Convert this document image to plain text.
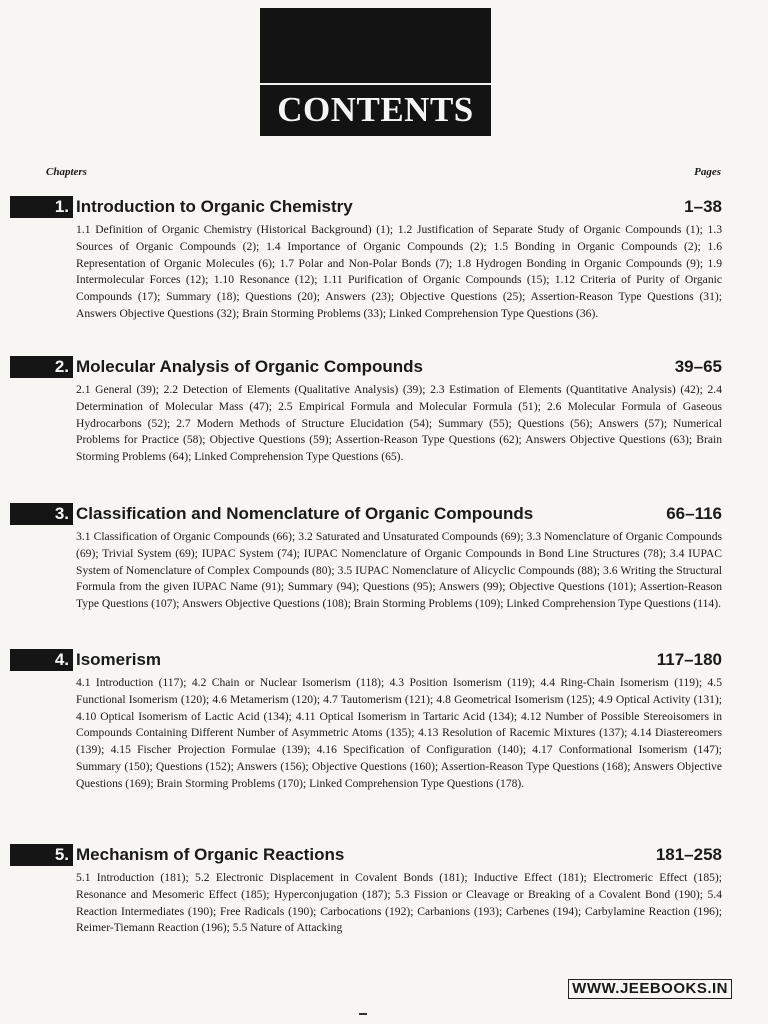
CONTENTS
Chapters	Pages
1. Introduction to Organic Chemistry	1–38
1.1 Definition of Organic Chemistry (Historical Background) (1); 1.2 Justification of Separate Study of Organic Compounds (1); 1.3 Sources of Organic Compounds (2); 1.4 Importance of Organic Compounds (2); 1.5 Bonding in Organic Compounds (2); 1.6 Representation of Organic Molecules (6); 1.7 Polar and Non-Polar Bonds (7); 1.8 Hydrogen Bonding in Organic Compounds (9); 1.9 Intermolecular Forces (12); 1.10 Resonance (12); 1.11 Purification of Organic Compounds (15); 1.12 Criteria of Purity of Organic Compounds (17); Summary (18); Questions (20); Answers (23); Objective Questions (25); Assertion-Reason Type Questions (31); Answers Objective Questions (32); Brain Storming Problems (33); Linked Comprehension Type Questions (36).
2. Molecular Analysis of Organic Compounds	39–65
2.1 General (39); 2.2 Detection of Elements (Qualitative Analysis) (39); 2.3 Estimation of Elements (Quantitative Analysis) (42); 2.4 Determination of Molecular Mass (47); 2.5 Empirical Formula and Molecular Formula (51); 2.6 Molecular Formula of Gaseous Hydrocarbons (52); 2.7 Modern Methods of Structure Elucidation (54); Summary (55); Questions (56); Answers (57); Numerical Problems for Practice (58); Objective Questions (59); Assertion-Reason Type Questions (62); Answers Objective Questions (63); Brain Storming Problems (64); Linked Comprehension Type Questions (65).
3. Classification and Nomenclature of Organic Compounds	66–116
3.1 Classification of Organic Compounds (66); 3.2 Saturated and Unsaturated Compounds (69); 3.3 Nomenclature of Organic Compounds (69); Trivial System (69); IUPAC System (74); IUPAC Nomenclature of Organic Compounds in Bond Line Structures (78); 3.4 IUPAC System of Nomenclature of Complex Compounds (80); 3.5 IUPAC Nomenclature of Alicyclic Compounds (88); 3.6 Writing the Structural Formula from the given IUPAC Name (91); Summary (94); Questions (95); Answers (99); Objective Questions (101); Assertion-Reason Type Questions (107); Answers Objective Questions (108); Brain Storming Problems (109); Linked Comprehension Type Questions (114).
4. Isomerism	117–180
4.1 Introduction (117); 4.2 Chain or Nuclear Isomerism (118); 4.3 Position Isomerism (119); 4.4 Ring-Chain Isomerism (119); 4.5 Functional Isomerism (120); 4.6 Metamerism (120); 4.7 Tautomerism (121); 4.8 Geometrical Isomerism (125); 4.9 Optical Activity (131); 4.10 Optical Isomerism of Lactic Acid (134); 4.11 Optical Isomerism in Tartaric Acid (134); 4.12 Number of Possible Stereoisomers in Compounds Containing Different Number of Asymmetric Atoms (135); 4.13 Resolution of Racemic Mixtures (137); 4.14 Diastereomers (139); 4.15 Fischer Projection Formulae (139); 4.16 Specification of Configuration (140); 4.17 Conformational Isomerism (147); Summary (150); Questions (152); Answers (156); Objective Questions (160); Assertion-Reason Type Questions (168); Answers Objective Questions (169); Brain Storming Problems (170); Linked Comprehension Type Questions (178).
5. Mechanism of Organic Reactions	181–258
5.1 Introduction (181); 5.2 Electronic Displacement in Covalent Bonds (181); Inductive Effect (181); Electromeric Effect (185); Resonance and Mesomeric Effect (185); Hyperconjugation (187); 5.3 Fission or Cleavage or Breaking of a Covalent Bond (190); 5.4 Reaction Intermediates (190); Free Radicals (190); Carbocations (192); Carbanions (193); Carbenes (194); Carbylamine Reaction (196); Reimer-Tiemann Reaction (196); 5.5 Nature of Attacking
WWW.JEEBOOKS.IN
